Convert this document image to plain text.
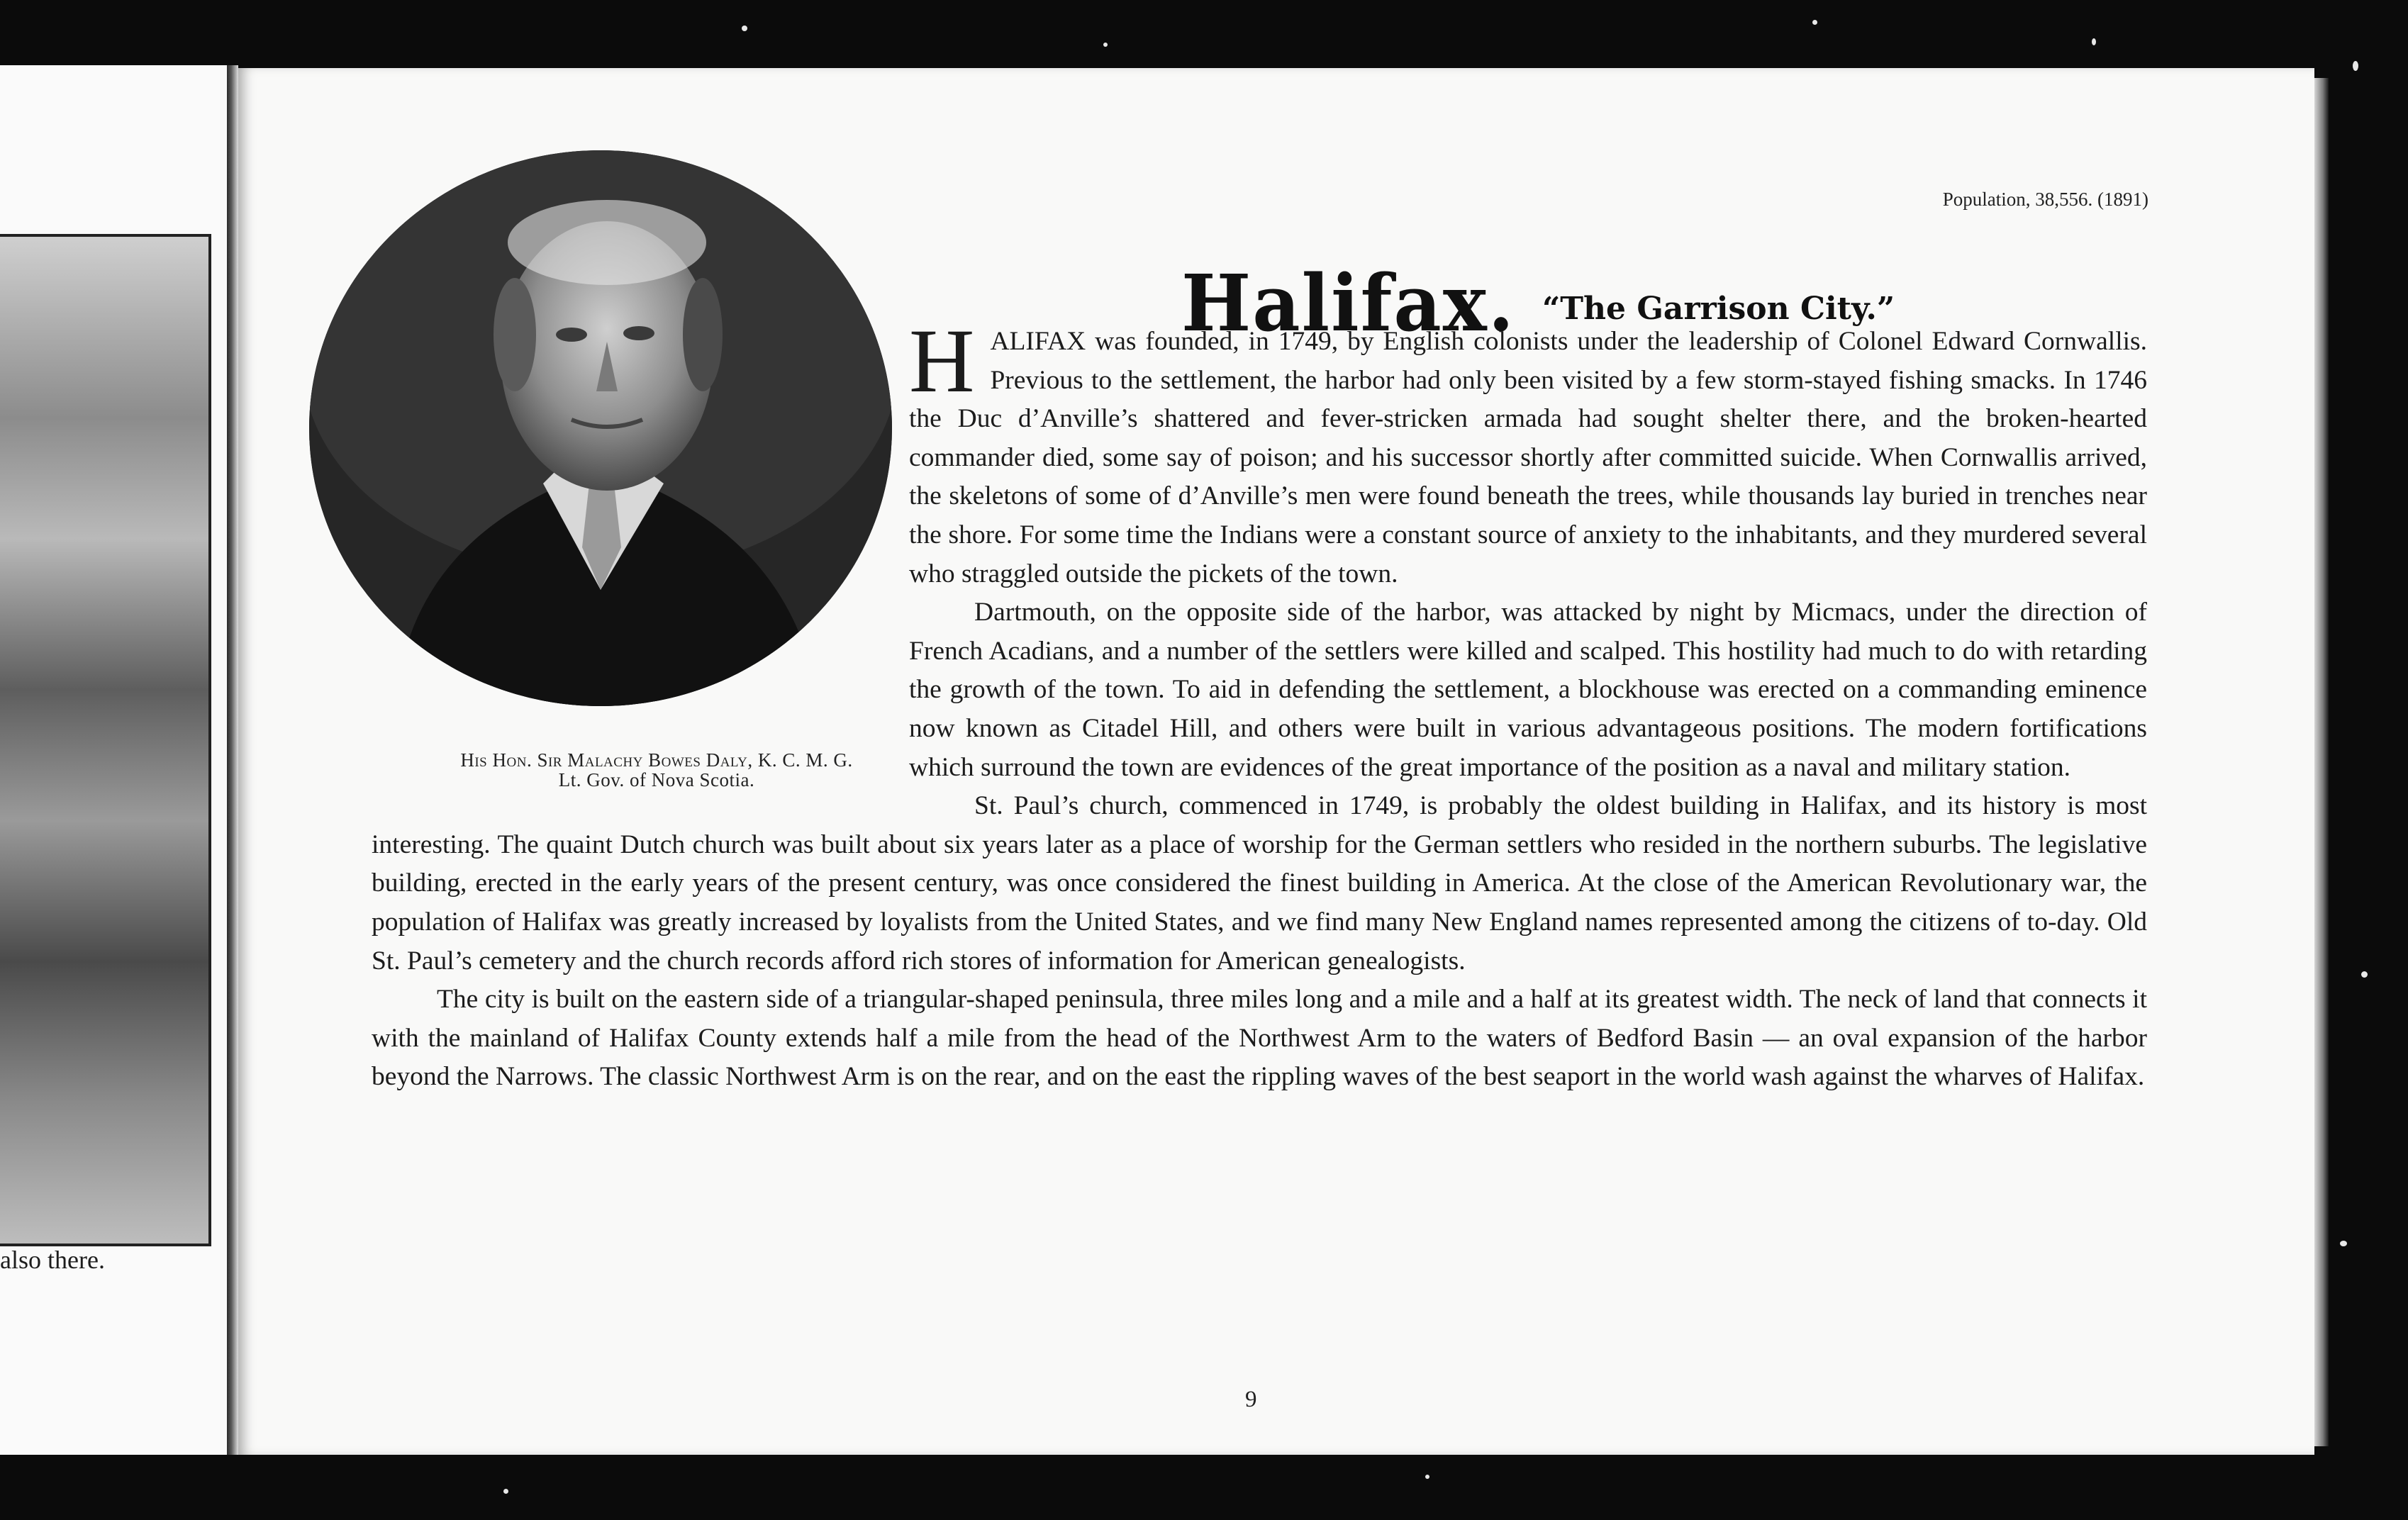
also there.
Population, 38,556. (1891)
Halifax. “The Garrison City.”
His Hon. Sir Malachy Bowes Daly, K. C. M. G.
Lt. Gov. of Nova Scotia.
9
H ALIFAX was founded, in 1749, by English colonists under the leadership of Colonel Edward Cornwallis. Previous to the settlement, the harbor had only been visited by a few storm-stayed fishing smacks. In 1746 the Duc d’Anville’s shattered and fever-stricken armada had sought shelter there, and the broken-hearted commander died, some say of poison; and his successor shortly after committed suicide. When Cornwallis arrived, the skeletons of some of d’Anville’s men were found beneath the trees, while thousands lay buried in trenches near the shore. For some time the Indians were a constant source of anxiety to the inhabitants, and they murdered several who straggled outside the pickets of the town.
Dartmouth, on the opposite side of the harbor, was attacked by night by Micmacs, under the direction of French Acadians, and a number of the settlers were killed and scalped. This hostility had much to do with retarding the growth of the town. To aid in defending the settlement, a blockhouse was erected on a commanding eminence now known as Citadel Hill, and others were built in various advantageous positions. The modern fortifications which surround the town are evidences of the great importance of the position as a naval and military station.
St. Paul’s church, commenced in 1749, is probably the oldest building in Halifax, and its history is most interesting. The quaint Dutch church was built about six years later as a place of worship for the German settlers who resided in the northern suburbs. The legislative building, erected in the early years of the present century, was once considered the finest building in America. At the close of the American Revolutionary war, the population of Halifax was greatly increased by loyalists from the United States, and we find many New England names represented among the citizens of to-day. Old St. Paul’s cemetery and the church records afford rich stores of information for American genealogists.
The city is built on the eastern side of a triangular-shaped peninsula, three miles long and a mile and a half at its greatest width. The neck of land that connects it with the mainland of Halifax County extends half a mile from the head of the Northwest Arm to the waters of Bedford Basin — an oval expansion of the harbor beyond the Narrows. The classic Northwest Arm is on the rear, and on the east the rippling waves of the best seaport in the world wash against the wharves of Halifax.
